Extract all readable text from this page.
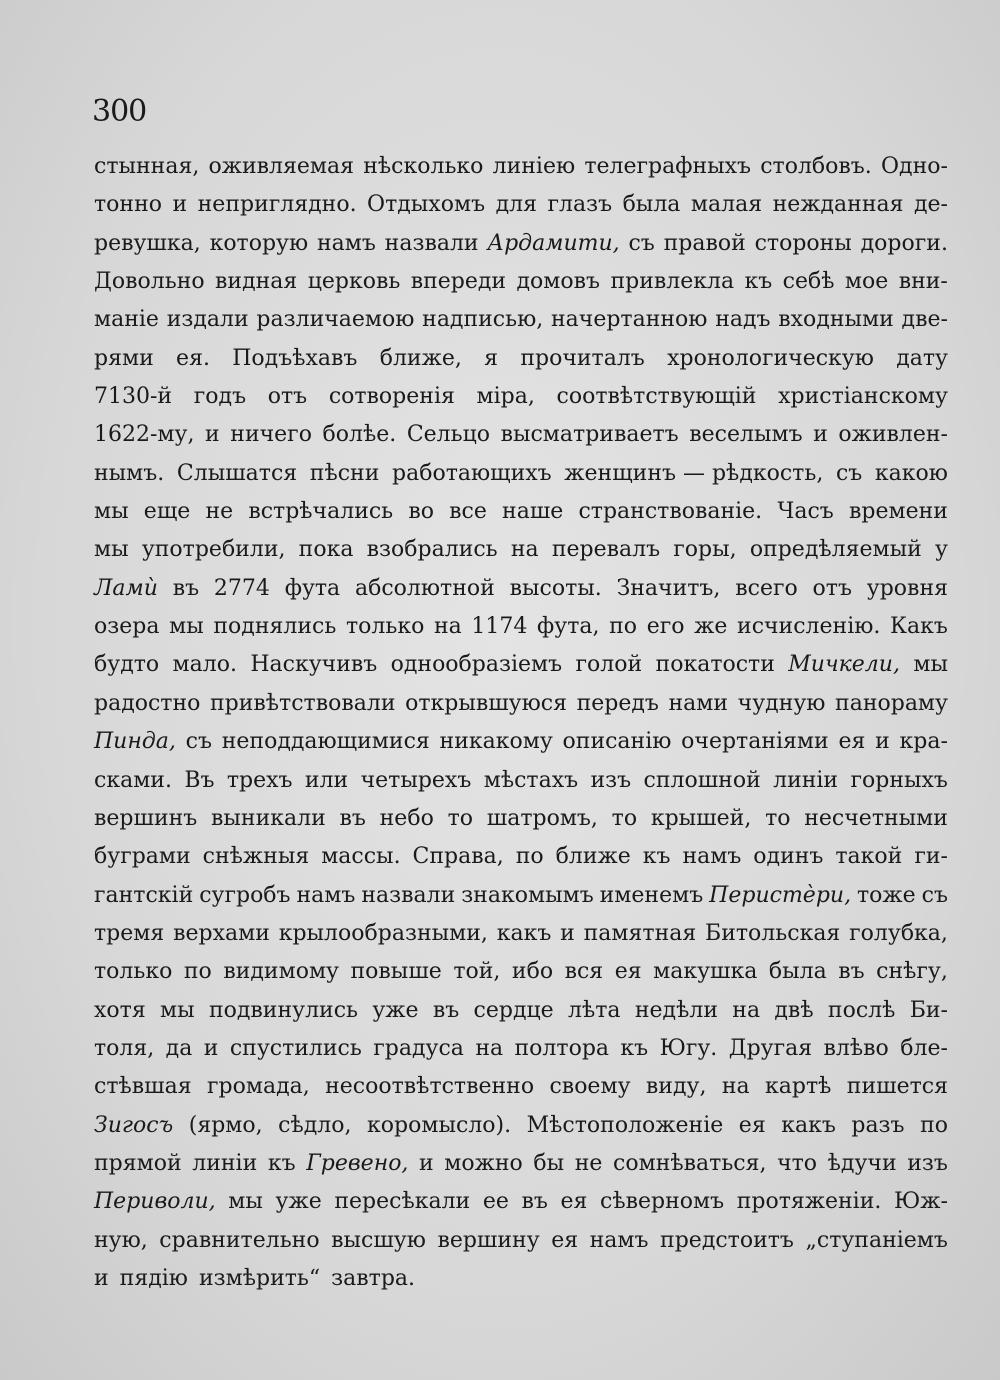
300
стынная, оживляемая нѣсколько линiею телеграфныхъ столбовъ. Одно-
тонно и неприглядно. Отдыхомъ для глазъ была малая нежданная де-
ревушка, которую намъ назвали Ардамити, съ правой стороны дороги.
Довольно видная церковь впереди домовъ привлекла къ себѣ мое вни-
манiе издали различаемою надписью, начертанною надъ входными две-
рями ея. Подъѣхавъ ближе, я прочиталъ хронологическую дату
7130-й годъ отъ сотворенiя мiра, соотвѣтствующiй христiанскому
1622-му, и ничего болѣе. Сельцо высматриваетъ веселымъ и оживлен-
нымъ. Слышатся пѣсни работающихъ женщинъ — рѣдкость, съ какою
мы еще не встрѣчались во все наше странствованiе. Часъ времени
мы употребили, пока взобрались на перевалъ горы, опредѣляемый у
Ламѝ въ 2774 фута абсолютной высоты. Значитъ, всего отъ уровня
озера мы поднялись только на 1174 фута, по его же исчисленiю. Какъ
будто мало. Наскучивъ однообразiемъ голой покатости Мичкели, мы
радостно привѣтствовали открывшуюся передъ нами чудную панораму
Пинда, съ неподдающимися никакому описанiю очертанiями ея и кра-
сками. Въ трехъ или четырехъ мѣстахъ изъ сплошной линiи горныхъ
вершинъ выникали въ небо то шатромъ, то крышей, то несчетными
буграми снѣжныя массы. Справа, по ближе къ намъ одинъ такой ги-
гантскiй сугробъ намъ назвали знакомымъ именемъ Перистѐри, тоже съ
тремя верхами крылообразными, какъ и памятная Битольская голубка,
только по видимому повыше той, ибо вся ея макушка была въ снѣгу,
хотя мы подвинулись уже въ сердце лѣта недѣли на двѣ послѣ Би-
толя, да и спустились градуса на полтора къ Югу. Другая влѣво бле-
стѣвшая громада, несоотвѣтственно своему виду, на картѣ пишется
Зигосъ (ярмо, сѣдло, коромысло). Мѣстоположенiе ея какъ разъ по
прямой линiи къ Гревено, и можно бы не сомнѣваться, что ѣдучи изъ
Периволи, мы уже пересѣкали ее въ ея сѣверномъ протяженiи. Юж-
ную, сравнительно высшую вершину ея намъ предстоитъ „ступанiемъ
и пядiю измѣрить“ завтра.
